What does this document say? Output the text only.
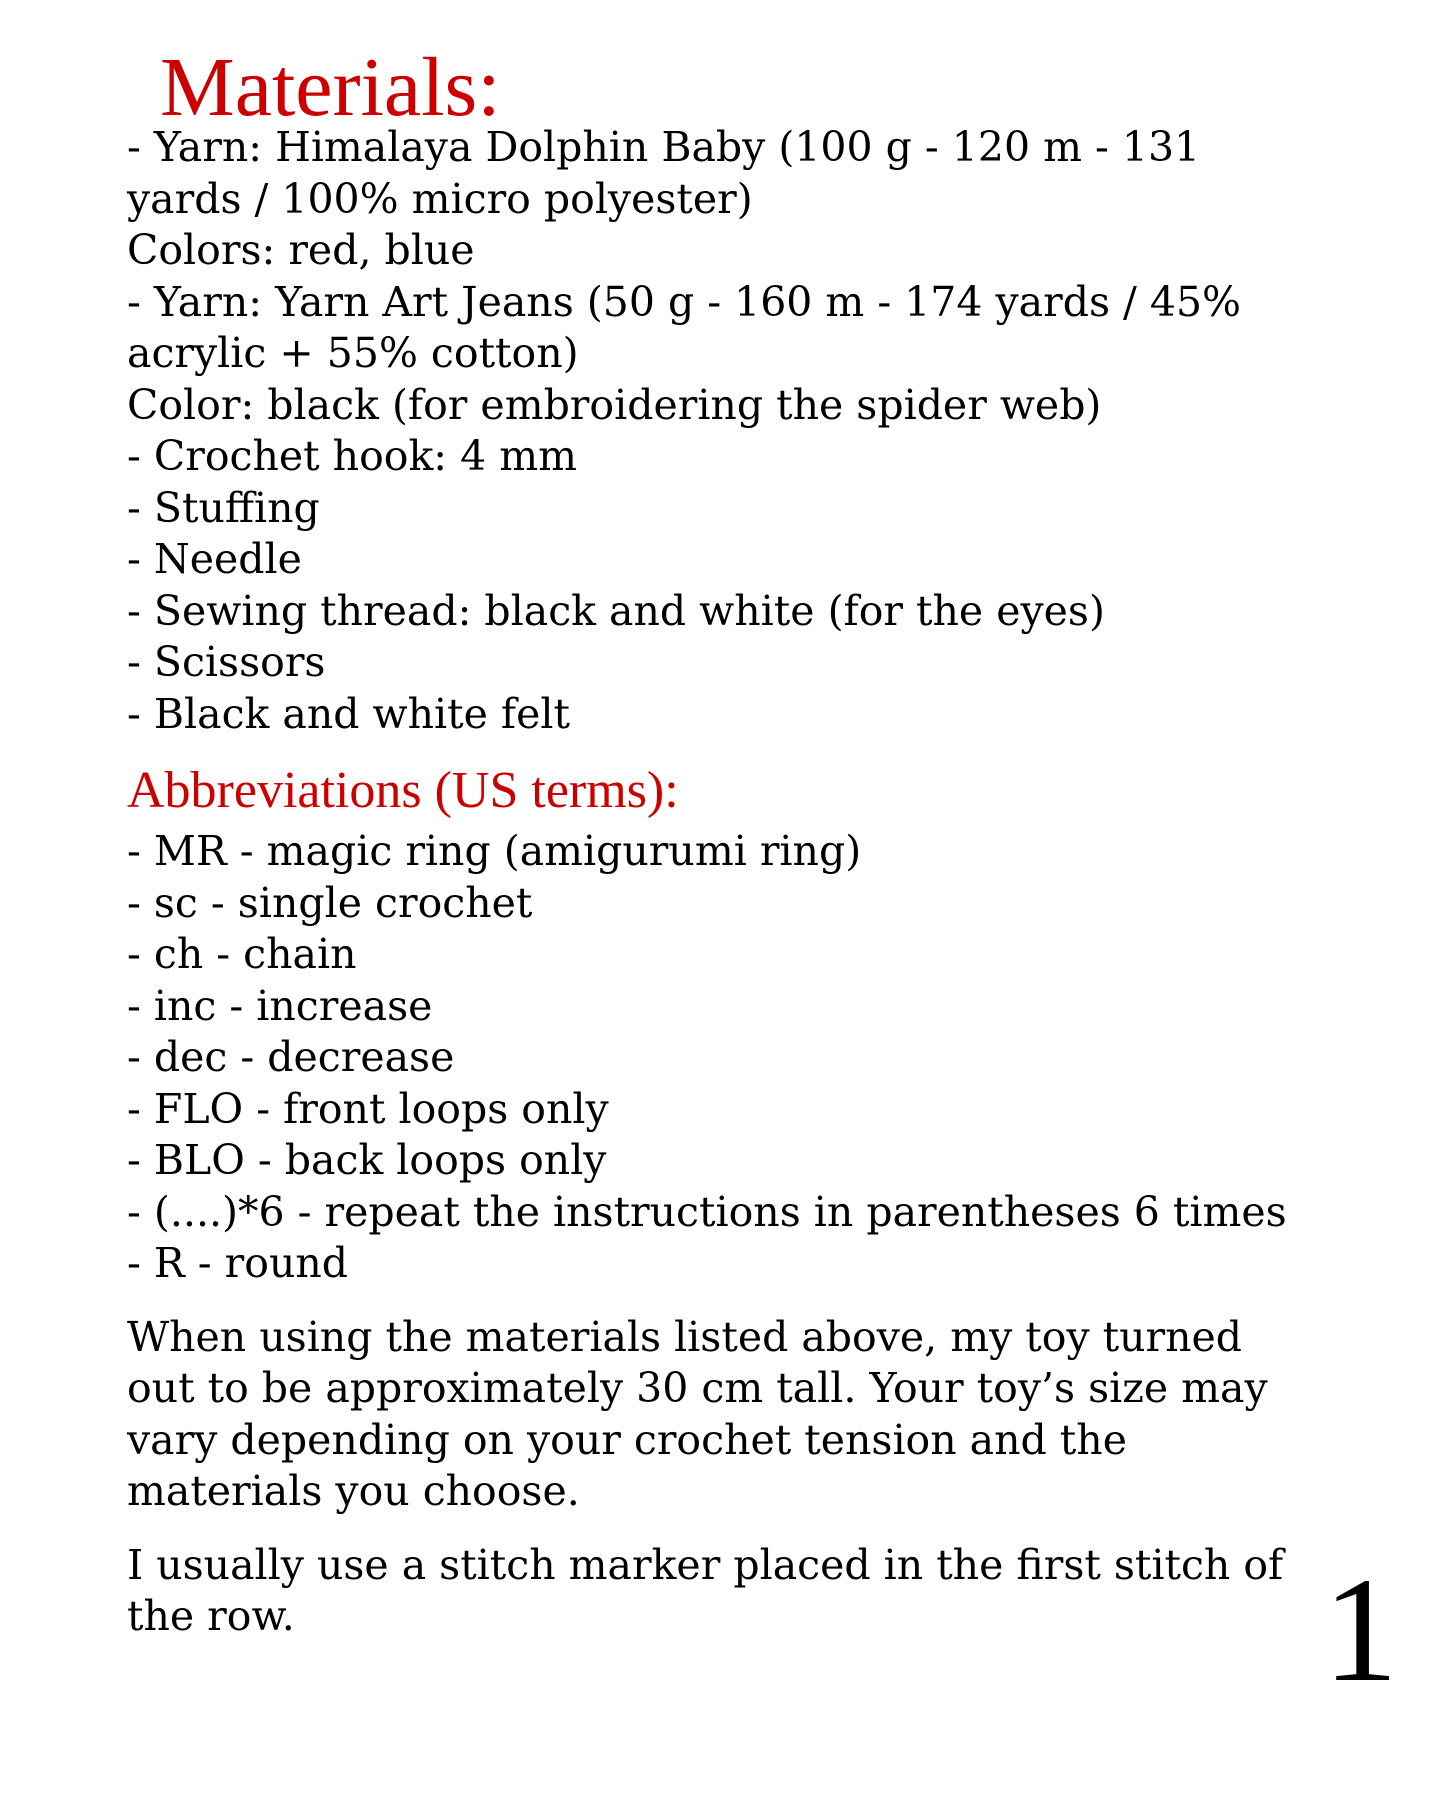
Materials:

- Yarn: Himalaya Dolphin Baby (100 g - 120 m - 131

yards / 100% micro polyester)

Colors: red, blue

- Yarn: Yarn Art Jeans (50 g - 160 m - 174 yards / 45%

acrylic + 55% cotton)

Color: black (for embroidering the spider web)

- Crochet hook: 4 mm

- Stuffing

- Needle

- Sewing thread: black and white (for the eyes)

- Scissors

- Black and white felt

Abbreviations (US terms):

- MR - magic ring (amigurumi ring)

- sc - single crochet

- ch - chain

- inc - increase

- dec - decrease

- FLO - front loops only

- BLO - back loops only

- (....)*6 - repeat the instructions in parentheses 6 times

- R - round

When using the materials listed above, my toy turned out to be approximately 30 cm tall. Your toy’s size may vary depending on your crochet tension and the materials you choose.

I usually use a stitch marker placed in the first stitch of the row.	1
